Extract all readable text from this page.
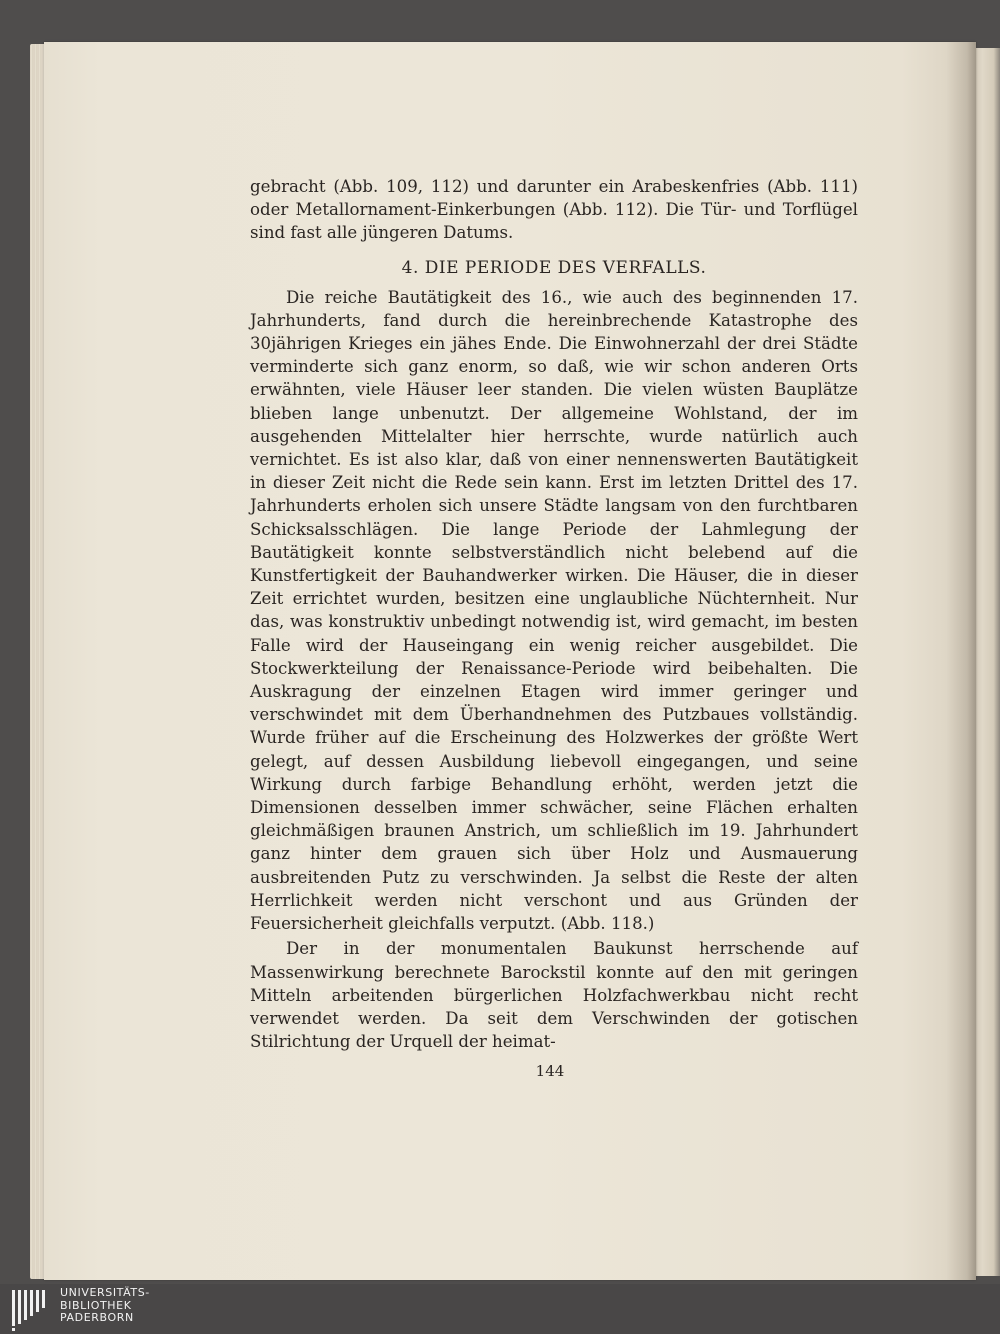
gebracht (Abb. 109, 112) und darunter ein Arabeskenfries (Abb. 111) oder Metallornament-Einkerbungen (Abb. 112). Die Tür- und Torflügel sind fast alle jüngeren Datums.

4. DIE PERIODE DES VERFALLS.

Die reiche Bautätigkeit des 16., wie auch des beginnenden 17. Jahrhunderts, fand durch die hereinbrechende Katastrophe des 30jährigen Krieges ein jähes Ende. Die Einwohnerzahl der drei Städte verminderte sich ganz enorm, so daß, wie wir schon anderen Orts erwähnten, viele Häuser leer standen. Die vielen wüsten Bauplätze blieben lange unbenutzt. Der allgemeine Wohlstand, der im ausgehenden Mittelalter hier herrschte, wurde natürlich auch vernichtet. Es ist also klar, daß von einer nennenswerten Bautätigkeit in dieser Zeit nicht die Rede sein kann. Erst im letzten Drittel des 17. Jahrhunderts erholen sich unsere Städte langsam von den furchtbaren Schicksalsschlägen. Die lange Periode der Lahmlegung der Bautätigkeit konnte selbstverständlich nicht belebend auf die Kunstfertigkeit der Bauhandwerker wirken. Die Häuser, die in dieser Zeit errichtet wurden, besitzen eine unglaubliche Nüchternheit. Nur das, was konstruktiv unbedingt notwendig ist, wird gemacht, im besten Falle wird der Hauseingang ein wenig reicher ausgebildet. Die Stockwerkteilung der Renaissance-Periode wird beibehalten. Die Auskragung der einzelnen Etagen wird immer geringer und verschwindet mit dem Überhandnehmen des Putzbaues vollständig. Wurde früher auf die Erscheinung des Holzwerkes der größte Wert gelegt, auf dessen Ausbildung liebevoll eingegangen, und seine Wirkung durch farbige Behandlung erhöht, werden jetzt die Dimensionen desselben immer schwächer, seine Flächen erhalten gleichmäßigen braunen Anstrich, um schließlich im 19. Jahrhundert ganz hinter dem grauen sich über Holz und Ausmauerung ausbreitenden Putz zu verschwinden. Ja selbst die Reste der alten Herrlichkeit werden nicht verschont und aus Gründen der Feuersicherheit gleichfalls verputzt. (Abb. 118.)

Der in der monumentalen Baukunst herrschende auf Massenwirkung berechnete Barockstil konnte auf den mit geringen Mitteln arbeitenden bürgerlichen Holzfachwerkbau nicht recht verwendet werden. Da seit dem Verschwinden der gotischen Stilrichtung der Urquell der heimat-

144
UNIVERSITÄTS-
BIBLIOTHEK
PADERBORN
